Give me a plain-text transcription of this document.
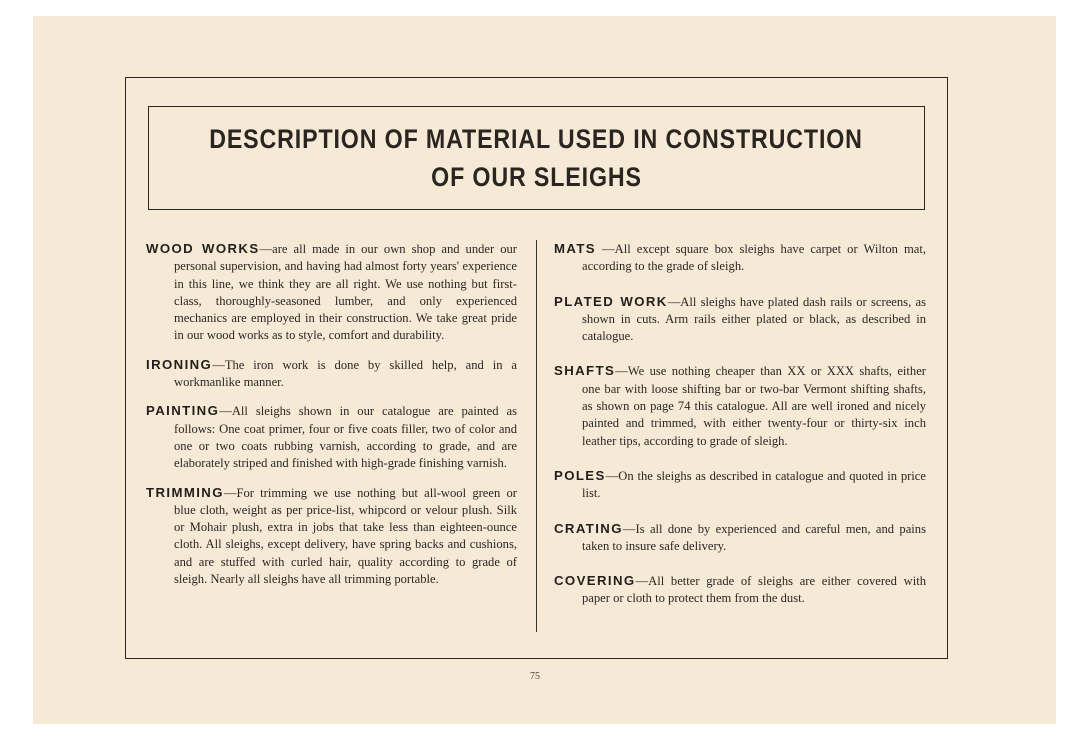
DESCRIPTION OF MATERIAL USED IN CONSTRUCTION
OF OUR SLEIGHS

WOOD WORKS—are all made in our own shop and under our personal supervision, and having had almost forty years' experience in this line, we think they are all right. We use nothing but first-class, thoroughly-seasoned lumber, and only experienced mechanics are employed in their construction. We take great pride in our wood works as to style, comfort and durability.

IRONING—The iron work is done by skilled help, and in a workmanlike manner.

PAINTING—All sleighs shown in our catalogue are painted as follows: One coat primer, four or five coats filler, two of color and one or two coats rubbing varnish, according to grade, and are elaborately striped and finished with high-grade finishing varnish.

TRIMMING—For trimming we use nothing but all-wool green or blue cloth, weight as per price-list, whipcord or velour plush. Silk or Mohair plush, extra in jobs that take less than eighteen-ounce cloth. All sleighs, except delivery, have spring backs and cushions, and are stuffed with curled hair, quality according to grade of sleigh. Nearly all sleighs have all trimming portable.

MATS —All except square box sleighs have carpet or Wilton mat, according to the grade of sleigh.

PLATED WORK—All sleighs have plated dash rails or screens, as shown in cuts. Arm rails either plated or black, as described in catalogue.

SHAFTS—We use nothing cheaper than XX or XXX shafts, either one bar with loose shifting bar or two-bar Vermont shifting shafts, as shown on page 74 this catalogue. All are well ironed and nicely painted and trimmed, with either twenty-four or thirty-six inch leather tips, according to grade of sleigh.

POLES—On the sleighs as described in catalogue and quoted in price list.

CRATING—Is all done by experienced and careful men, and pains taken to insure safe delivery.

COVERING—All better grade of sleighs are either covered with paper or cloth to protect them from the dust.

75
